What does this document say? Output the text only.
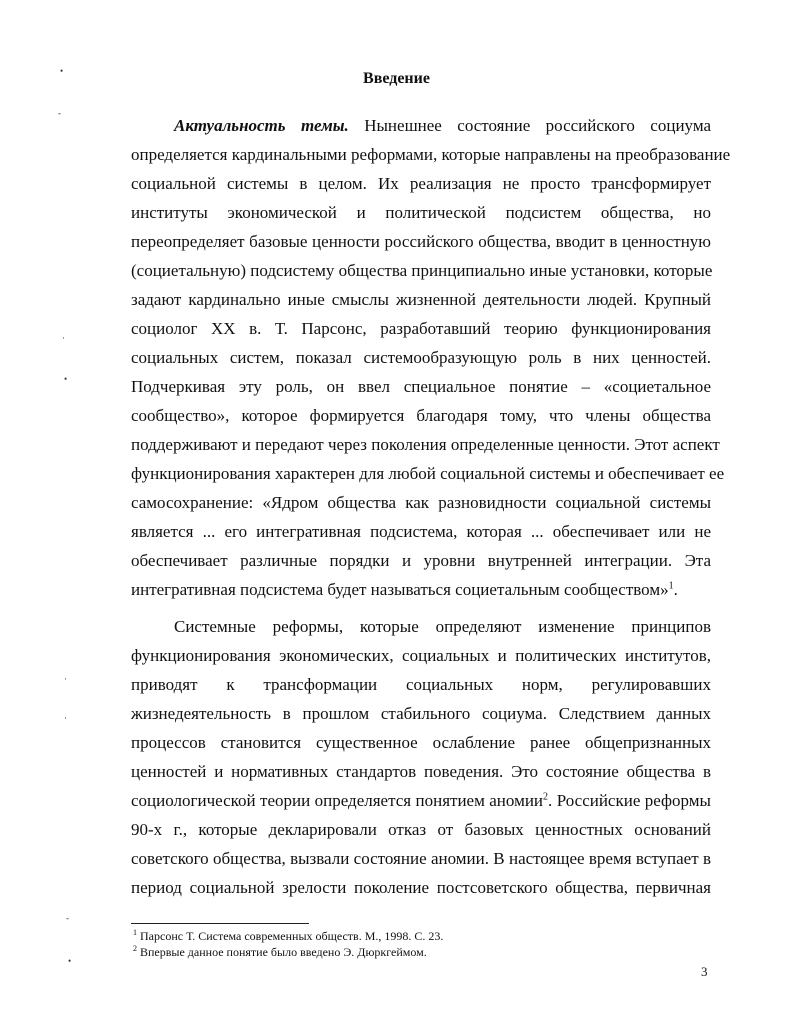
•
-
·
•
·
·
-
•
Введение
Актуальность темы. Нынешнее состояние российского социума
определяется кардинальными реформами, которые направлены на преобразование
социальной системы в целом. Их реализация не просто трансформирует
институты экономической и политической подсистем общества, но
переопределяет базовые ценности российского общества, вводит в ценностную
(социетальную) подсистему общества принципиально иные установки, которые
задают кардинально иные смыслы жизненной деятельности людей. Крупный
социолог XX в. Т. Парсонс, разработавший теорию функционирования
социальных систем, показал системообразующую роль в них ценностей.
Подчеркивая эту роль, он ввел специальное понятие – «социетальное
сообщество», которое формируется благодаря тому, что члены общества
поддерживают и передают через поколения определенные ценности. Этот аспект
функционирования характерен для любой социальной системы и обеспечивает ее
самосохранение: «Ядром общества как разновидности социальной системы
является ... его интегративная подсистема, которая ... обеспечивает или не
обеспечивает различные порядки и уровни внутренней интеграции. Эта
интегративная подсистема будет называться социетальным сообществом»$^1$.
Системные реформы, которые определяют изменение принципов
функционирования экономических, социальных и политических институтов,
приводят к трансформации социальных норм, регулировавших
жизнедеятельность в прошлом стабильного социума. Следствием данных
процессов становится существенное ослабление ранее общепризнанных
ценностей и нормативных стандартов поведения. Это состояние общества в
социологической теории определяется понятием аномии$^2$. Российские реформы
90-х г., которые декларировали отказ от базовых ценностных оснований
советского общества, вызвали состояние аномии. В настоящее время вступает в
период социальной зрелости поколение постсоветского общества, первичная
$^1$ Парсонс Т. Система современных обществ. М., 1998. С. 23.
$^2$ Впервые данное понятие было введено Э. Дюркгеймом.
3
